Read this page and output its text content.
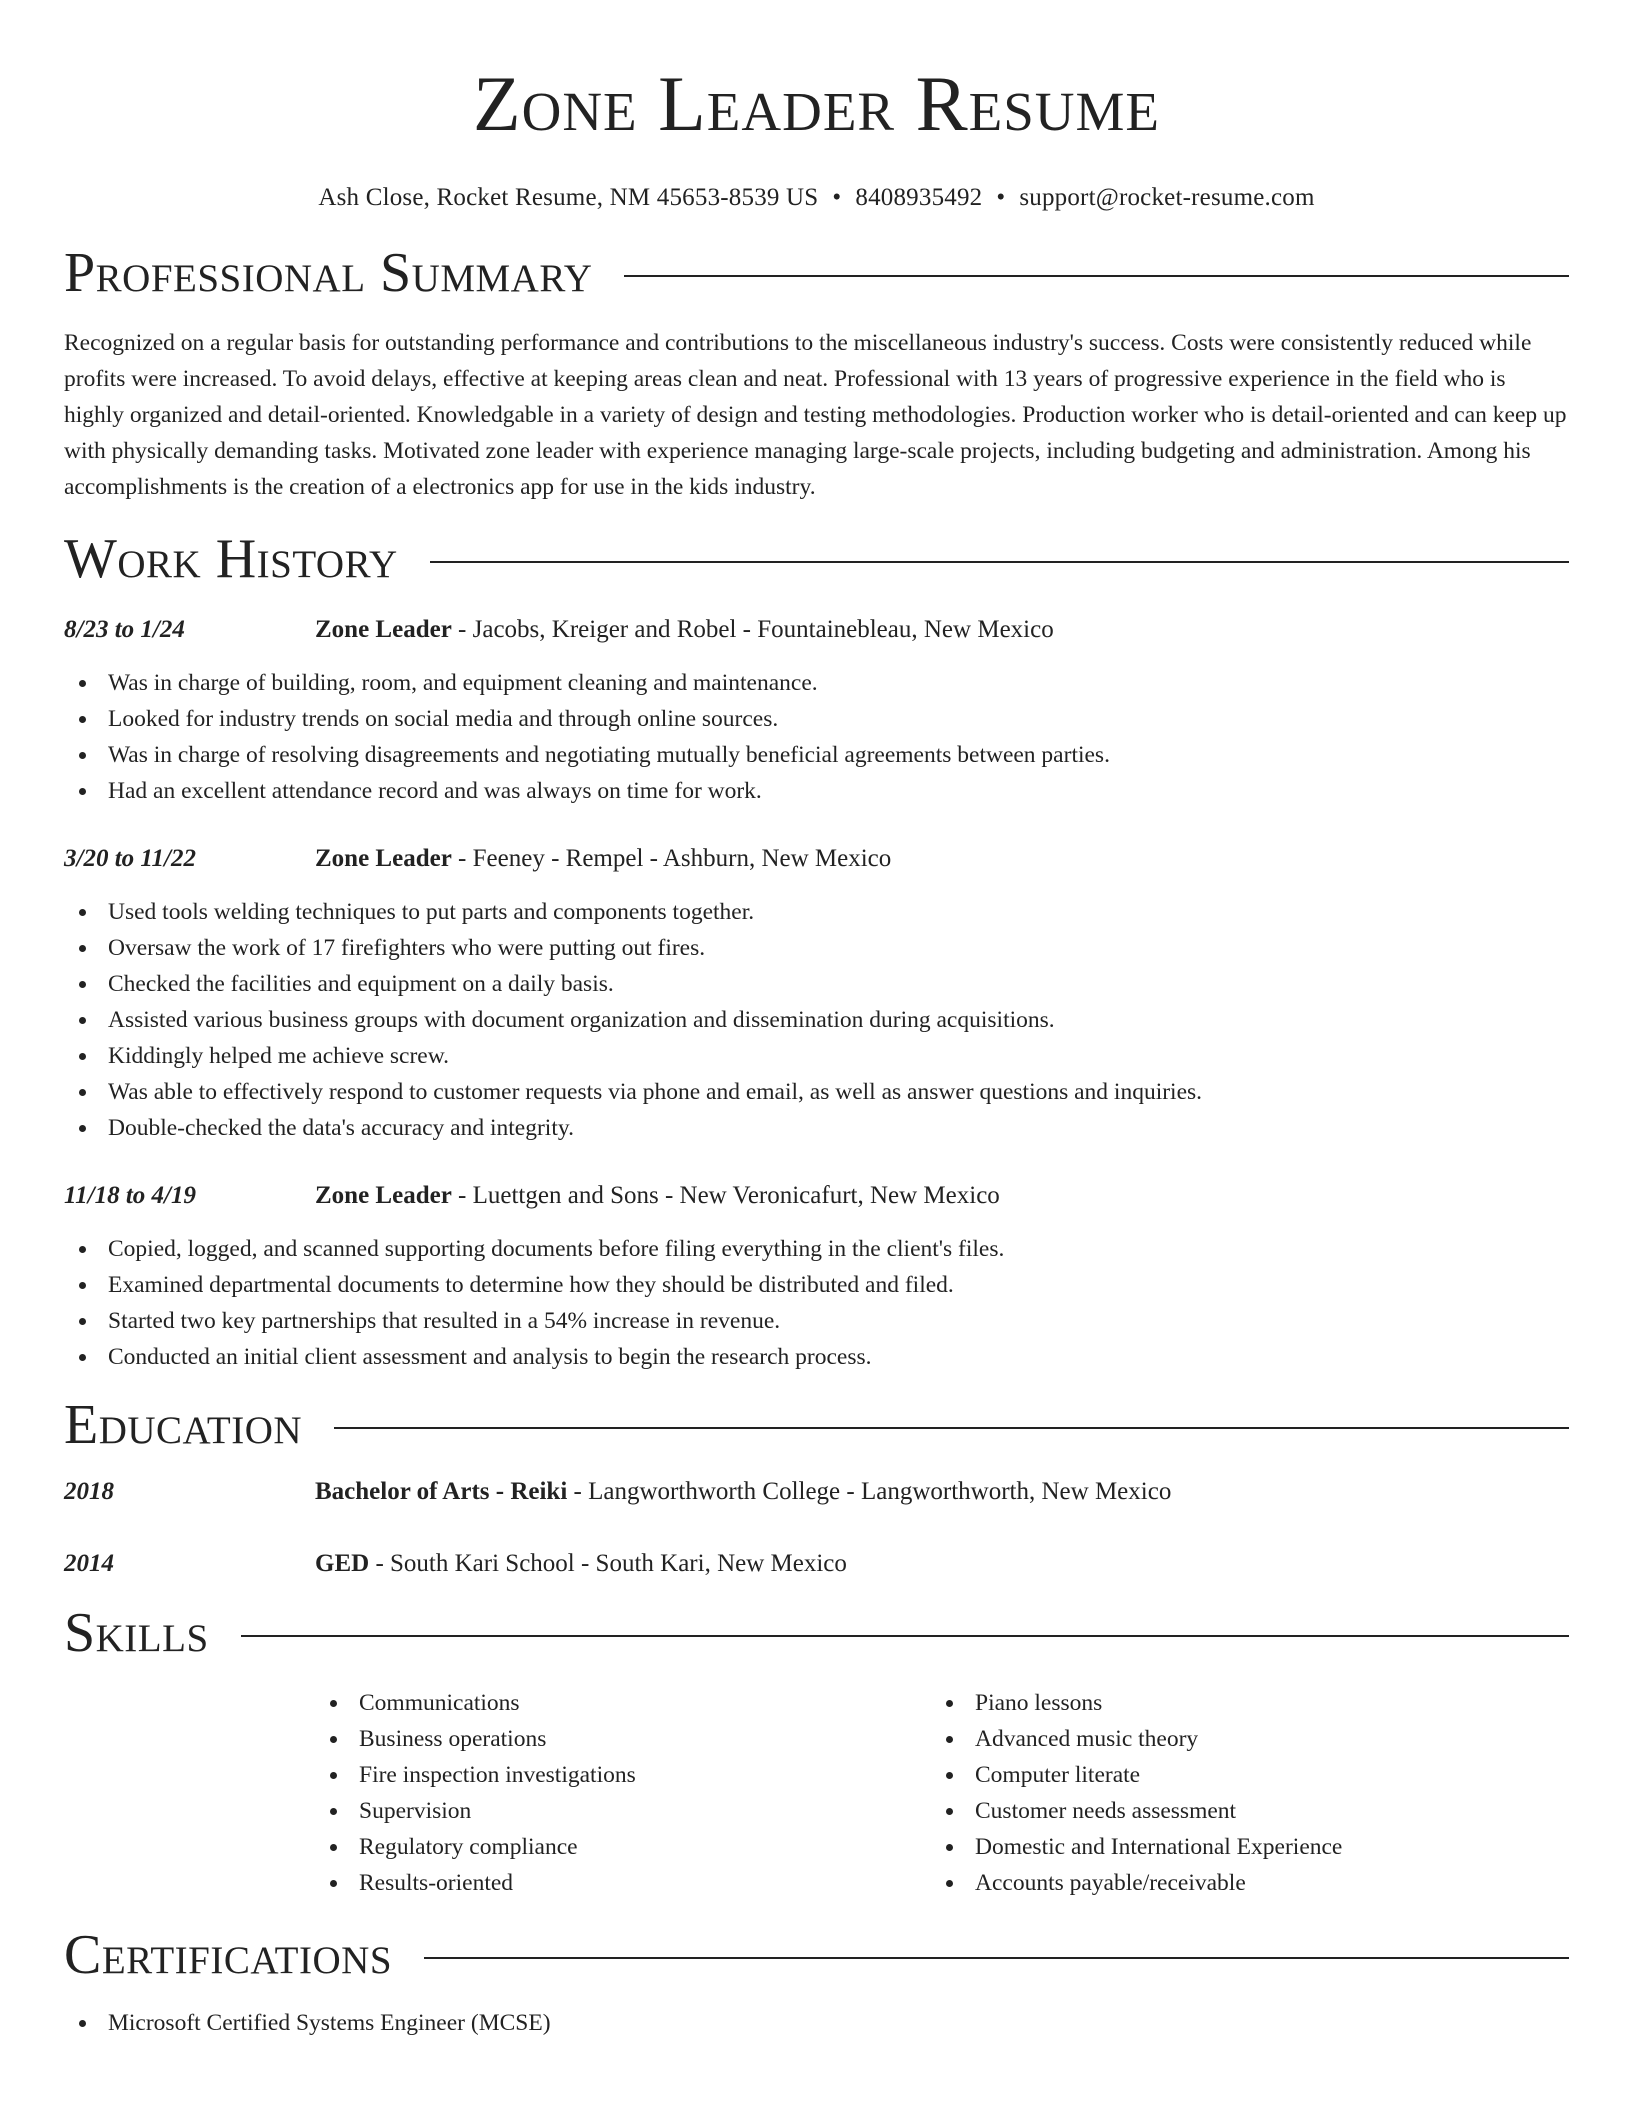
Zone Leader Resume
Ash Close, Rocket Resume, NM 45653-8539 US • 8408935492 • support@rocket-resume.com
Professional Summary

Recognized on a regular basis for outstanding performance and contributions to the miscellaneous industry's success. Costs were consistently reduced while profits were increased. To avoid delays, effective at keeping areas clean and neat. Professional with 13 years of progressive experience in the field who is highly organized and detail-oriented. Knowledgable in a variety of design and testing methodologies. Production worker who is detail-oriented and can keep up with physically demanding tasks. Motivated zone leader with experience managing large-scale projects, including budgeting and administration. Among his accomplishments is the creation of a electronics app for use in the kids industry.

Work History
8/23 to 1/24	Zone Leader - Jacobs, Kreiger and Robel - Fountainebleau, New Mexico
Was in charge of building, room, and equipment cleaning and maintenance.
Looked for industry trends on social media and through online sources.
Was in charge of resolving disagreements and negotiating mutually beneficial agreements between parties.
Had an excellent attendance record and was always on time for work.
3/20 to 11/22	Zone Leader - Feeney - Rempel - Ashburn, New Mexico
Used tools welding techniques to put parts and components together.
Oversaw the work of 17 firefighters who were putting out fires.
Checked the facilities and equipment on a daily basis.
Assisted various business groups with document organization and dissemination during acquisitions.
Kiddingly helped me achieve screw.
Was able to effectively respond to customer requests via phone and email, as well as answer questions and inquiries.
Double-checked the data's accuracy and integrity.
11/18 to 4/19	Zone Leader - Luettgen and Sons - New Veronicafurt, New Mexico
Copied, logged, and scanned supporting documents before filing everything in the client's files.
Examined departmental documents to determine how they should be distributed and filed.
Started two key partnerships that resulted in a 54% increase in revenue.
Conducted an initial client assessment and analysis to begin the research process.
Education
2018	Bachelor of Arts - Reiki - Langworthworth College - Langworthworth, New Mexico
2014	GED - South Kari School - South Kari, New Mexico
Skills
Communications
Business operations
Fire inspection investigations
Supervision
Regulatory compliance
Results-oriented
Piano lessons
Advanced music theory
Computer literate
Customer needs assessment
Domestic and International Experience
Accounts payable/receivable
Certifications
Microsoft Certified Systems Engineer (MCSE)
